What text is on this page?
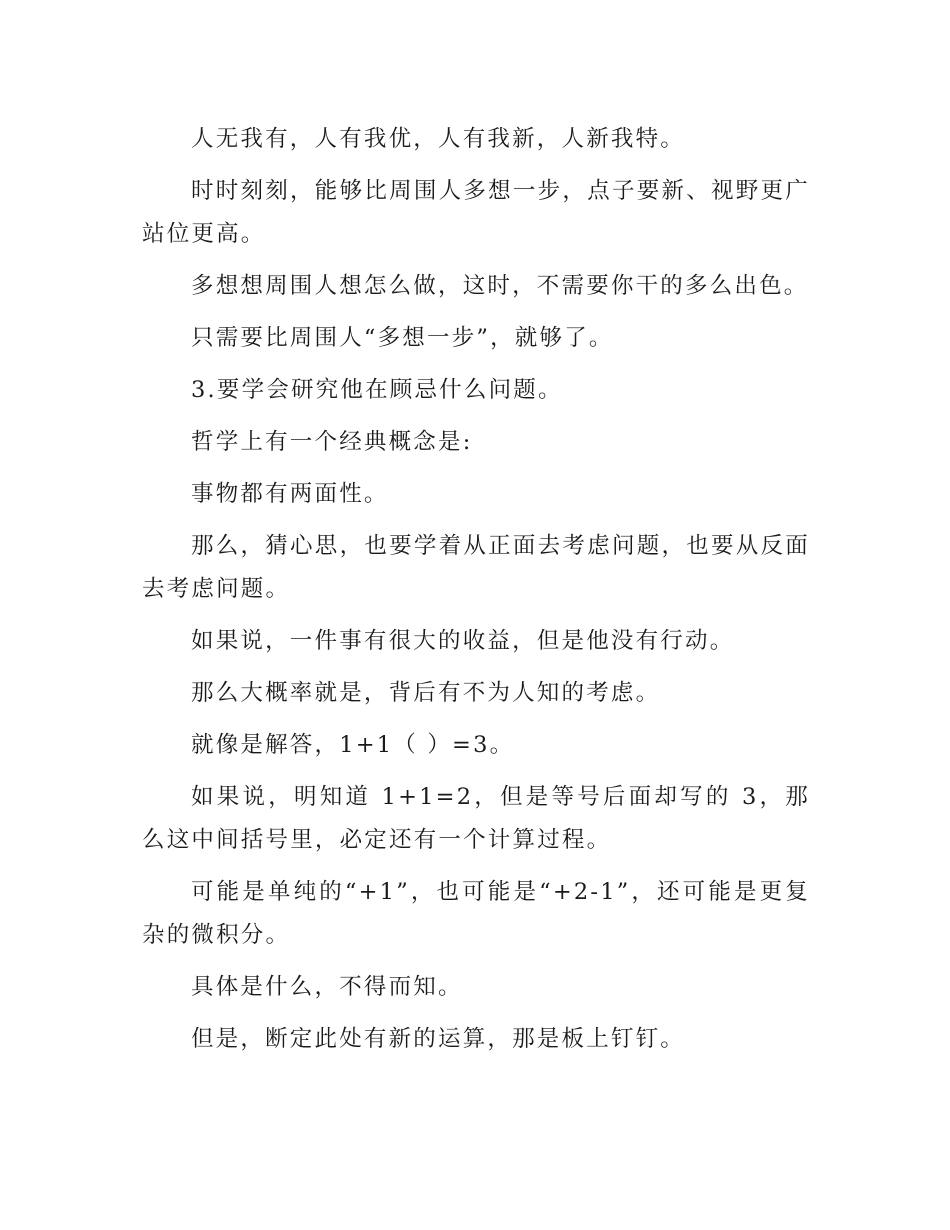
人无我有，人有我优，人有我新，人新我特。

时时刻刻，能够比周围人多想一步，点子要新、视野更广站位更高。

多想想周围人想怎么做，这时，不需要你干的多么出色。

只需要比周围人“多想一步”，就够了。

3.要学会研究他在顾忌什么问题。

哲学上有一个经典概念是:

事物都有两面性。

那么，猜心思，也要学着从正面去考虑问题，也要从反面去考虑问题。

如果说，一件事有很大的收益，但是他没有行动。

那么大概率就是，背后有不为人知的考虑。

就像是解答，1+1（ ）=3。

如果说，明知道 1+1=2，但是等号后面却写的 3，那么这中间括号里，必定还有一个计算过程。

可能是单纯的“+1”，也可能是“+2-1”，还可能是更复杂的微积分。

具体是什么，不得而知。

但是，断定此处有新的运算，那是板上钉钉。
